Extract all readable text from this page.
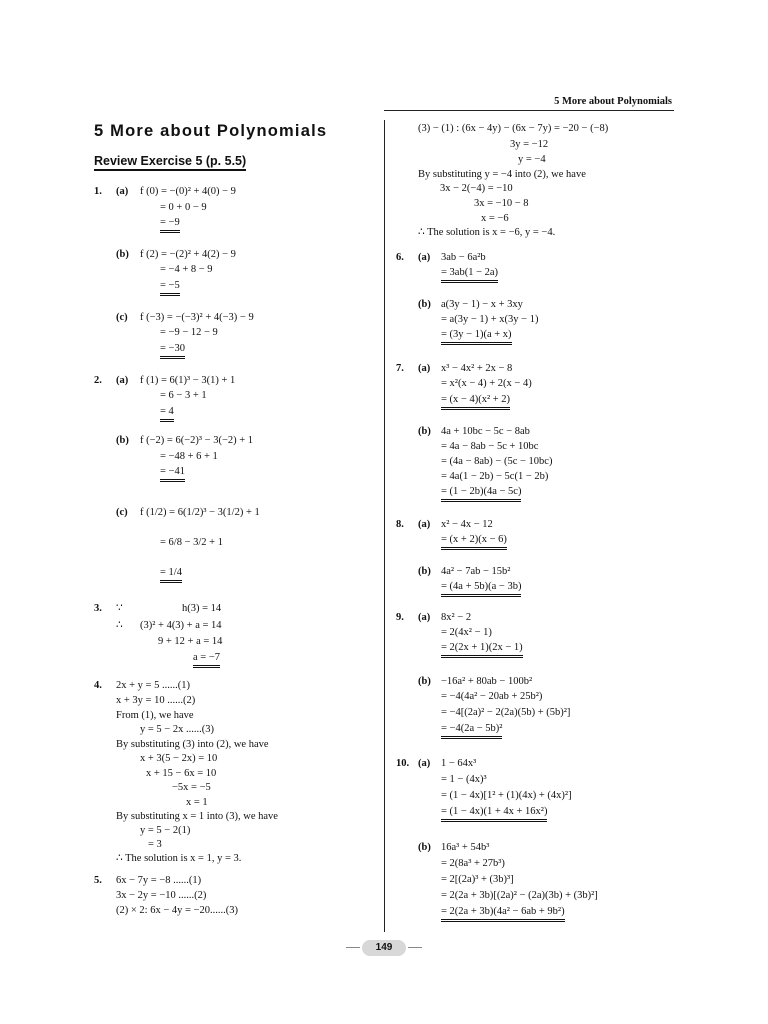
5 More about Polynomials
5 More about Polynomials
Review Exercise 5 (p. 5.5)
1. (a) f (0) = −(0)² + 4(0) − 9
= 0 + 0 − 9
= −9
(b) f (2) = −(2)² + 4(2) − 9
= −4 + 8 − 9
= −5
(c) f (−3) = −(−3)² + 4(−3) − 9
= −9 − 12 − 9
= −30
2. (a) f (1) = 6(1)³ − 3(1) + 1
= 6 − 3 + 1
= 4
(b) f (−2) = 6(−2)³ − 3(−2) + 1
= −48 + 6 + 1
= −41
(c) f (1/2) = 6(1/2)³ − 3(1/2) + 1
= 6/8 − 3/2 + 1
= 1/4
3. ∵	h(3) = 14
∴ (3)² + 4(3) + a = 14
9 + 12 + a = 14
a = −7
4. 2x + y = 5 ......(1)
x + 3y = 10 ......(2)
From (1), we have
y = 5 − 2x ......(3)
By substituting (3) into (2), we have
x + 3(5 − 2x) = 10
x + 15 − 6x = 10
−5x = −5
x = 1
By substituting x = 1 into (3), we have
y = 5 − 2(1)
= 3
∴ The solution is x = 1, y = 3.
5. 6x − 7y = −8 ......(1)
3x − 2y = −10 ......(2)
(2) × 2: 6x − 4y = −20......(3)
(3) − (1) : (6x − 4y) − (6x − 7y) = −20 − (−8)
3y = −12
y = −4
By substituting y = −4 into (2), we have
3x − 2(−4) = −10
3x = −10 − 8
x = −6
∴ The solution is x = −6, y = −4.
6. (a) 3ab − 6a²b
= 3ab(1 − 2a)
(b) a(3y − 1) − x + 3xy
= a(3y − 1) + x(3y − 1)
= (3y − 1)(a + x)
7. (a) x³ − 4x² + 2x − 8
= x²(x − 4) + 2(x − 4)
= (x − 4)(x² + 2)
(b) 4a + 10bc − 5c − 8ab
= 4a − 8ab − 5c + 10bc
= (4a − 8ab) − (5c − 10bc)
= 4a(1 − 2b) − 5c(1 − 2b)
= (1 − 2b)(4a − 5c)
8. (a) x² − 4x − 12
= (x + 2)(x − 6)
(b) 4a² − 7ab − 15b²
= (4a + 5b)(a − 3b)
9. (a) 8x² − 2
= 2(4x² − 1)
= 2(2x + 1)(2x − 1)
(b) −16a² + 80ab − 100b²
= −4(4a² − 20ab + 25b²)
= −4[(2a)² − 2(2a)(5b) + (5b)²]
= −4(2a − 5b)²
10. (a) 1 − 64x³
= 1 − (4x)³
= (1 − 4x)[1² + (1)(4x) + (4x)²]
= (1 − 4x)(1 + 4x + 16x²)
(b) 16a³ + 54b³
= 2(8a³ + 27b³)
= 2[(2a)³ + (3b)³]
= 2(2a + 3b)[(2a)² − (2a)(3b) + (3b)²]
= 2(2a + 3b)(4a² − 6ab + 9b²)
149
